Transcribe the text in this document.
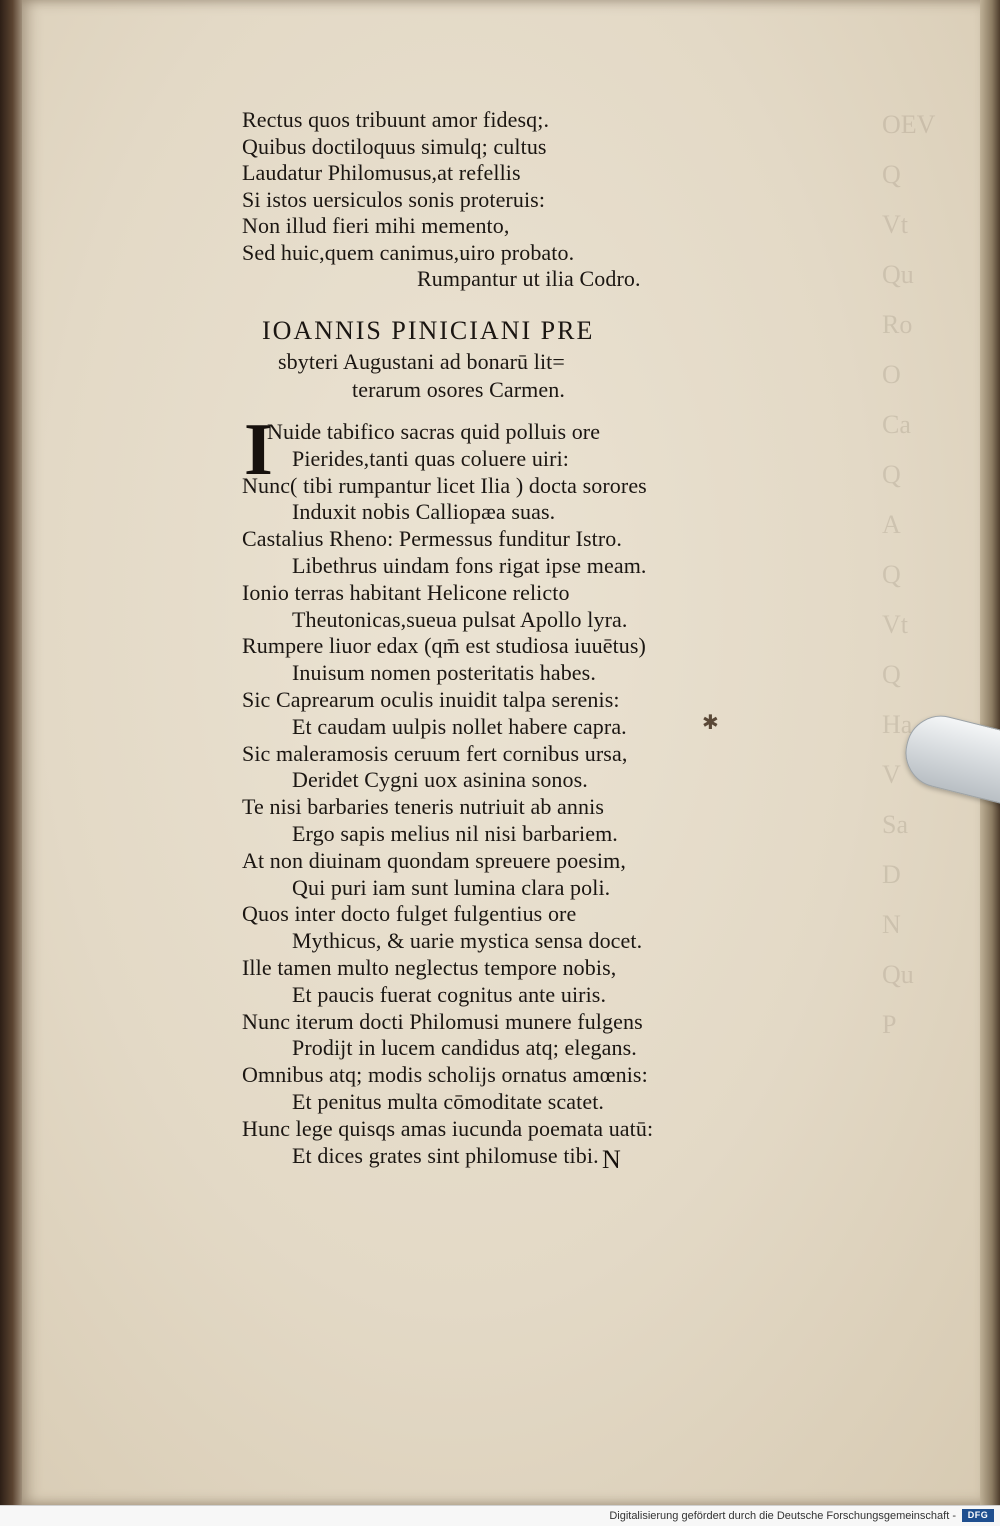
OEV
Q
Vt
Qu
Ro
O
Ca
Q
A
Q
Vt
Q
Ha
V
Sa
D
N
Qu
P
✱
Rectus quos tribuunt amor fidesq;.
Quibus doctiloquus simulq; cultus
Laudatur Philomusus,at refellis
Si istos uersiculos sonis proteruis:
Non illud fieri mihi memento,
Sed huic,quem canimus,uiro probato.
Rumpantur ut ilia Codro.
IOANNIS PINICIANI PRE
sbyteri Augustani ad bonarū lit=
terarum osores Carmen.
I
Nuide tabifico sacras quid polluis ore
Pierides,tanti quas coluere uiri:
Nunc( tibi rumpantur licet Ilia ) docta sorores
Induxit nobis Calliopæa suas.
Castalius Rheno: Permessus funditur Istro.
Libethrus uindam fons rigat ipse meam.
Ionio terras habitant Helicone relicto
Theutonicas,sueua pulsat Apollo lyra.
Rumpere liuor edax (qm̄ est studiosa iuuētus)
Inuisum nomen posteritatis habes.
Sic Caprearum oculis inuidit talpa serenis:
Et caudam uulpis nollet habere capra.
Sic maleramosis ceruum fert cornibus ursa,
Deridet Cygni uox asinina sonos.
Te nisi barbaries teneris nutriuit ab annis
Ergo sapis melius nil nisi barbariem.
At non diuinam quondam spreuere poesim,
Qui puri iam sunt lumina clara poli.
Quos inter docto fulget fulgentius ore
Mythicus, & uarie mystica sensa docet.
Ille tamen multo neglectus tempore nobis,
Et paucis fuerat cognitus ante uiris.
Nunc iterum docti Philomusi munere fulgens
Prodijt in lucem candidus atq; elegans.
Omnibus atq; modis scholijs ornatus amœnis:
Et penitus multa cōmoditate scatet.
Hunc lege quisqs amas iucunda poemata uatū:
Et dices grates sint philomuse tibi. N
Digitalisierung gefördert durch die Deutsche Forschungsgemeinschaft -	DFG
